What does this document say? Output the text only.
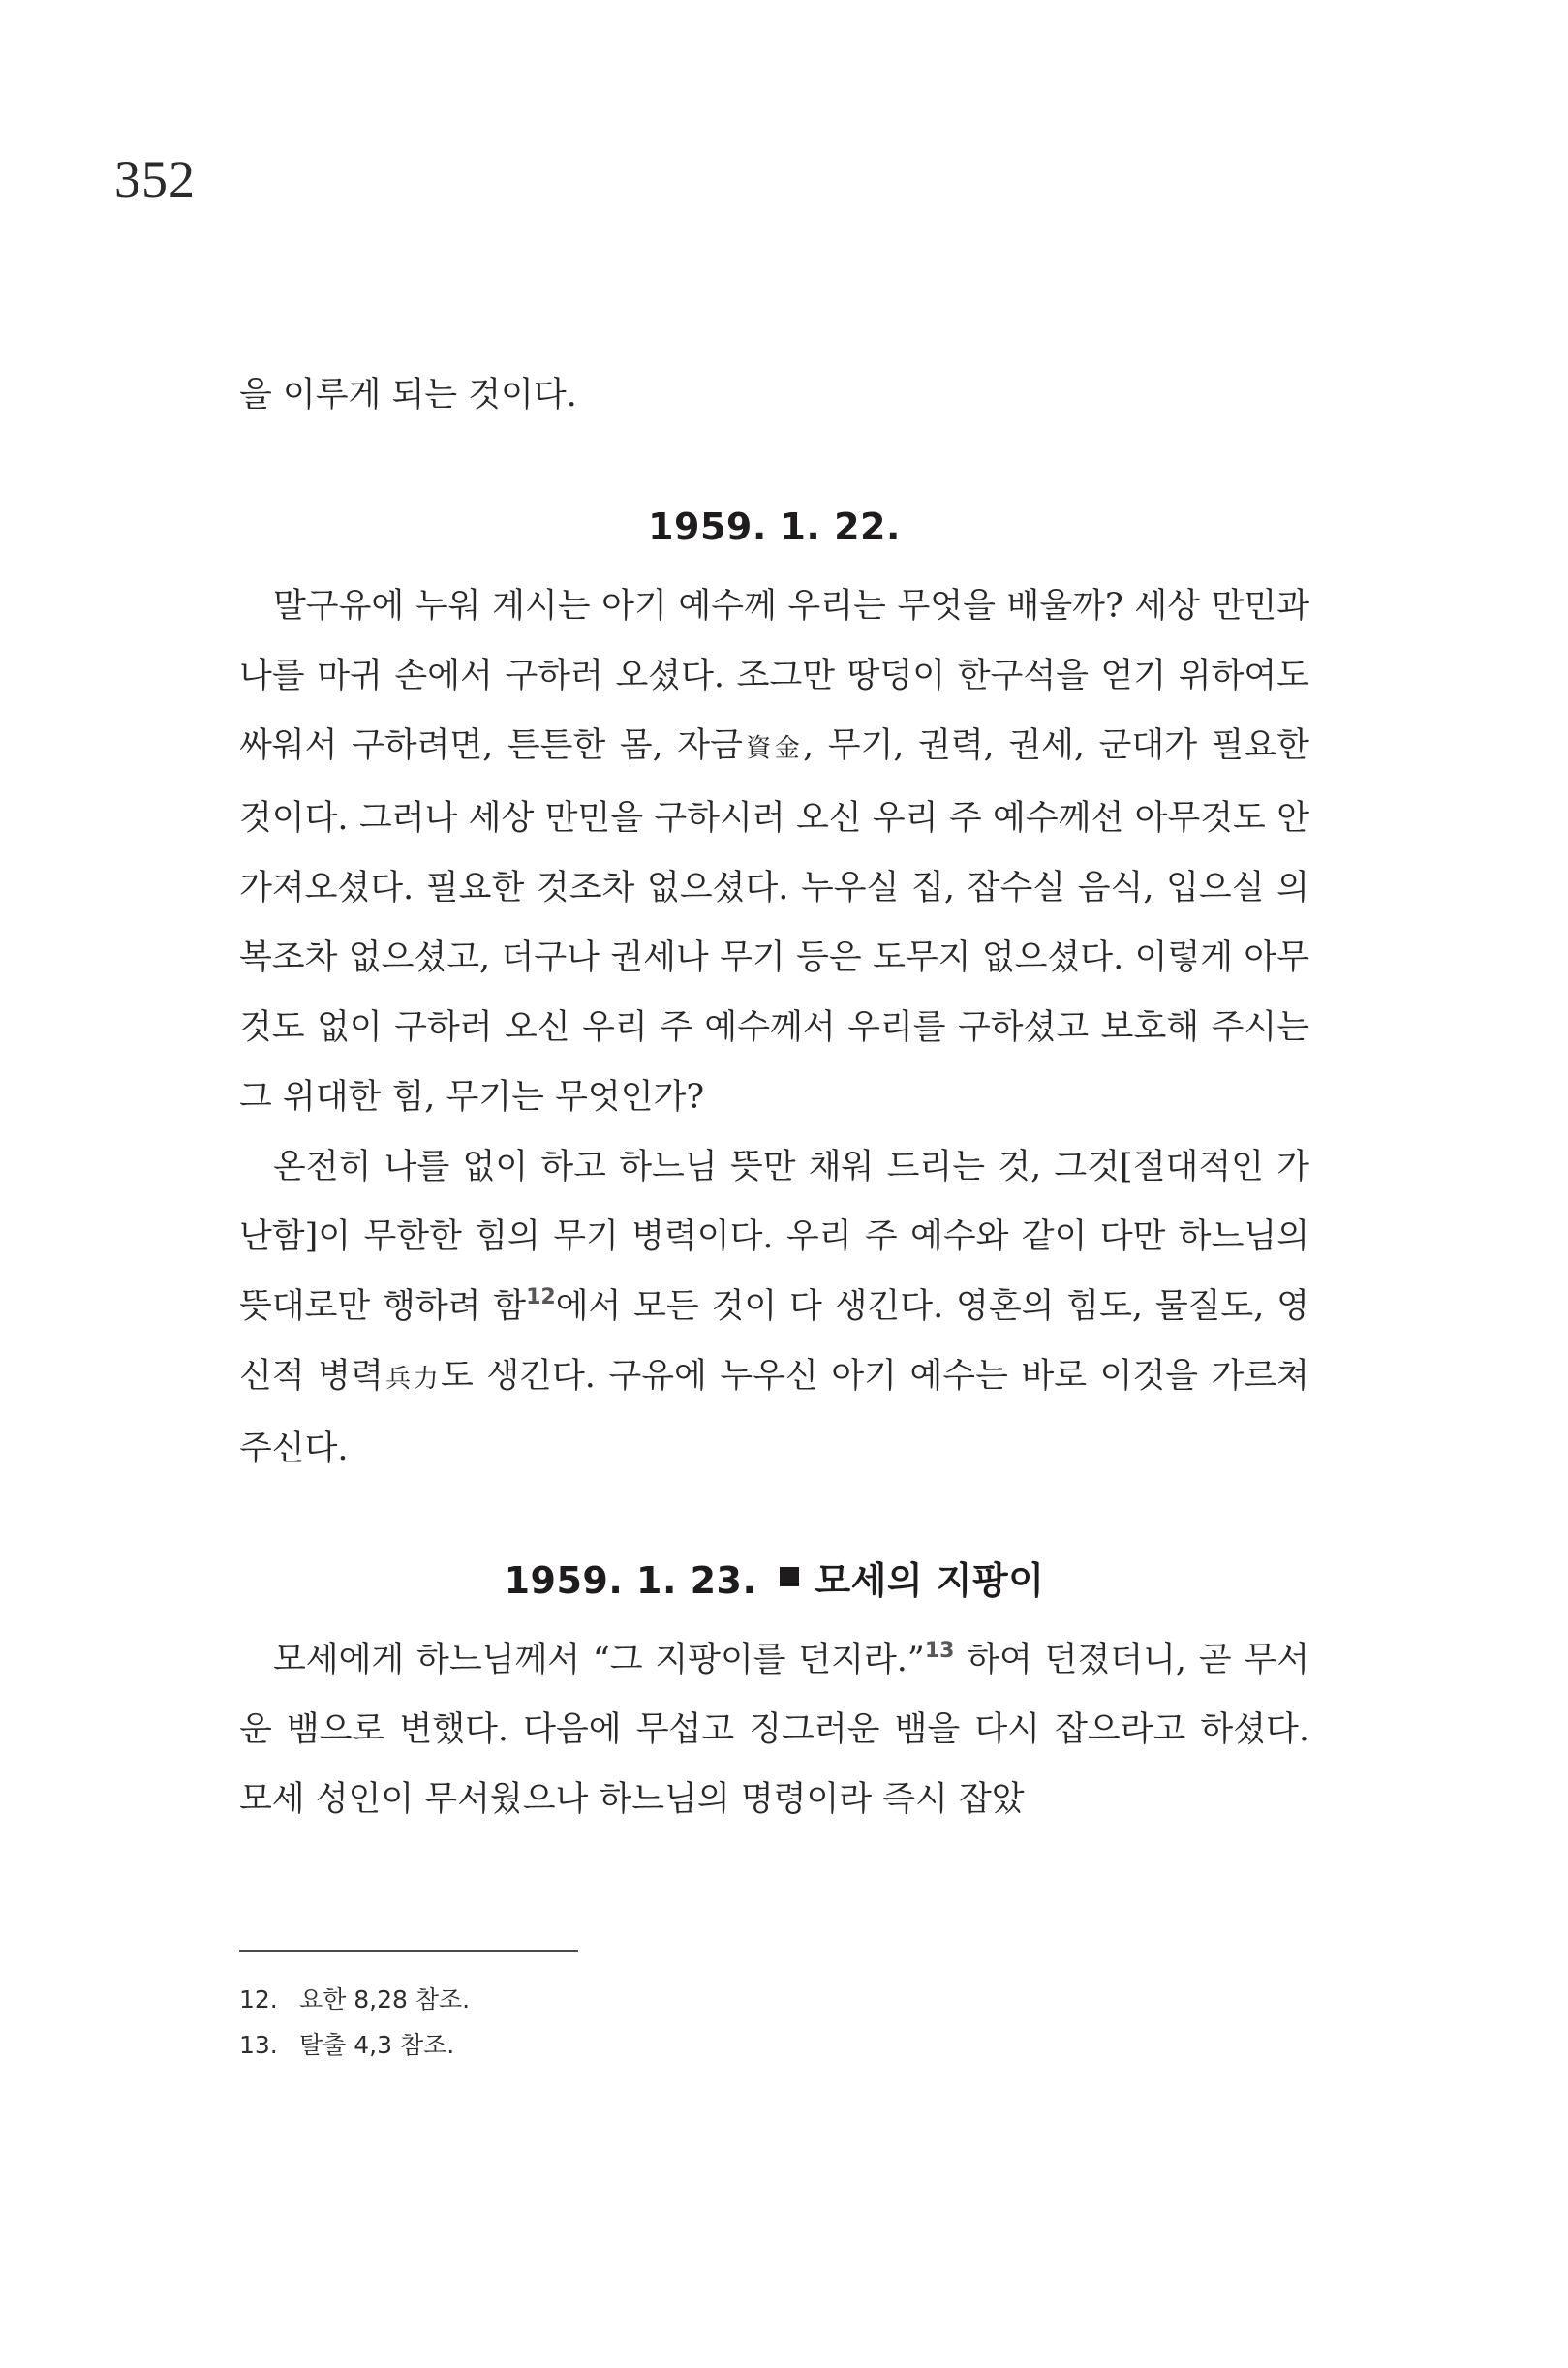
352

을 이루게 되는 것이다.

1959. 1. 22.

말구유에 누워 계시는 아기 예수께 우리는 무엇을 배울까? 세상 만민과 나를 마귀 손에서 구하러 오셨다. 조그만 땅덩이 한구석을 얻기 위하여도 싸워서 구하려면, 튼튼한 몸, 자금資金, 무기, 권력, 권세, 군대가 필요한 것이다. 그러나 세상 만민을 구하시러 오신 우리 주 예수께선 아무것도 안 가져오셨다. 필요한 것조차 없으셨다. 누우실 집, 잡수실 음식, 입으실 의복조차 없으셨고, 더구나 권세나 무기 등은 도무지 없으셨다. 이렇게 아무것도 없이 구하러 오신 우리 주 예수께서 우리를 구하셨고 보호해 주시는 그 위대한 힘, 무기는 무엇인가?

온전히 나를 없이 하고 하느님 뜻만 채워 드리는 것, 그것[절대적인 가난함]이 무한한 힘의 무기 병력이다. 우리 주 예수와 같이 다만 하느님의 뜻대로만 행하려 함$^{12}$에서 모든 것이 다 생긴다. 영혼의 힘도, 물질도, 영신적 병력兵力도 생긴다. 구유에 누우신 아기 예수는 바로 이것을 가르쳐 주신다.

1959. 1. 23. 모세의 지팡이

모세에게 하느님께서 “그 지팡이를 던지라.”$^{13}$ 하여 던졌더니, 곧 무서운 뱀으로 변했다. 다음에 무섭고 징그러운 뱀을 다시 잡으라고 하셨다. 모세 성인이 무서웠으나 하느님의 명령이라 즉시 잡았

12. 요한 8,28 참조.
13. 탈출 4,3 참조.
